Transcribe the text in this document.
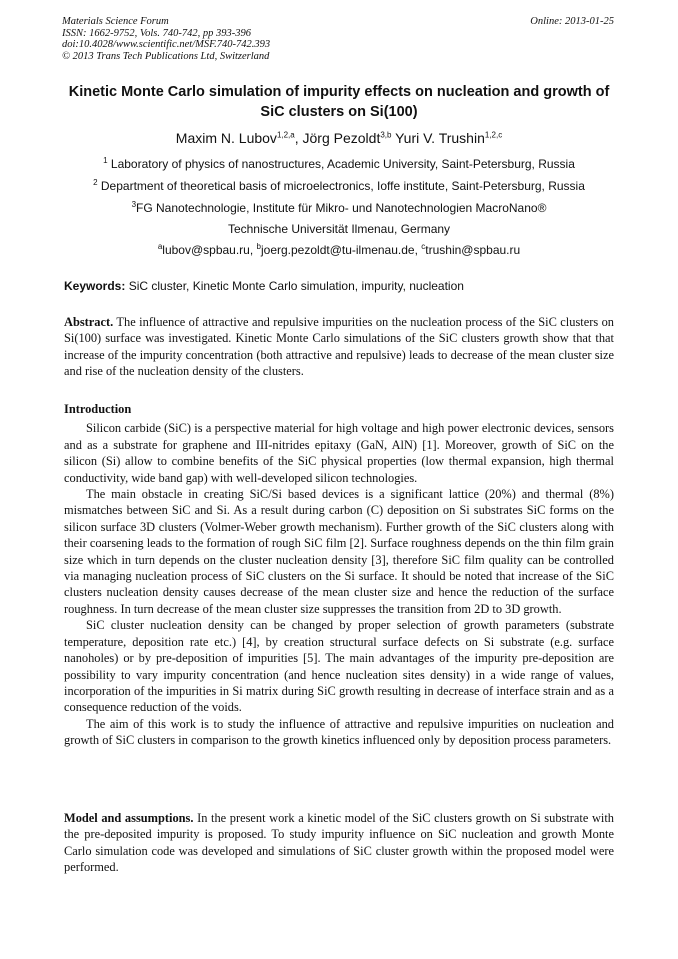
Materials Science Forum
ISSN: 1662-9752, Vols. 740-742, pp 393-396
doi:10.4028/www.scientific.net/MSF.740-742.393
© 2013 Trans Tech Publications Ltd, Switzerland
Online: 2013-01-25
Kinetic Monte Carlo simulation of impurity effects on nucleation and growth of SiC clusters on Si(100)
Maxim N. Lubov$^{1,2,a}$, Jörg Pezoldt$^{3,b}$ Yuri V. Trushin$^{1,2,c}$
$^1$ Laboratory of physics of nanostructures, Academic University, Saint-Petersburg, Russia
$^2$ Department of theoretical basis of microelectronics, Ioffe institute, Saint-Petersburg, Russia
$^3$FG Nanotechnologie, Institute für Mikro- und Nanotechnologien MacroNano®
Technische Universität Ilmenau, Germany
$^a$lubov@spbau.ru, $^b$joerg.pezoldt@tu-ilmenau.de, $^c$trushin@spbau.ru
Keywords: SiC cluster, Kinetic Monte Carlo simulation, impurity, nucleation

Abstract. The influence of attractive and repulsive impurities on the nucleation process of the SiC clusters on Si(100) surface was investigated. Kinetic Monte Carlo simulations of the SiC clusters growth show that that increase of the impurity concentration (both attractive and repulsive) leads to decrease of the mean cluster size and rise of the nucleation density of the clusters.

Introduction

Silicon carbide (SiC) is a perspective material for high voltage and high power electronic devices, sensors and as a substrate for graphene and III-nitrides epitaxy (GaN, AlN) [1]. Moreover, growth of SiC on the silicon (Si) allow to combine benefits of the SiC physical properties (low thermal expansion, high thermal conductivity, wide band gap) with well-developed silicon technologies.

The main obstacle in creating SiC/Si based devices is a significant lattice (20%) and thermal (8%) mismatches between SiC and Si. As a result during carbon (C) deposition on Si substrates SiC forms on the silicon surface 3D clusters (Volmer-Weber growth mechanism). Further growth of the SiC clusters along with their coarsening leads to the formation of rough SiC film [2]. Surface roughness depends on the thin film grain size which in turn depends on the cluster nucleation density [3], therefore SiC film quality can be controlled via managing nucleation process of SiC clusters on the Si surface. It should be noted that increase of the SiC clusters nucleation density causes decrease of the mean cluster size and hence the reduction of the surface roughness. In turn decrease of the mean cluster size suppresses the transition from 2D to 3D growth.

SiC cluster nucleation density can be changed by proper selection of growth parameters (substrate temperature, deposition rate etc.) [4], by creation structural surface defects on Si substrate (e.g. surface nanoholes) or by pre-deposition of impurities [5]. The main advantages of the impurity pre-deposition are possibility to vary impurity concentration (and hence nucleation sites density) in a wide range of values, incorporation of the impurities in Si matrix during SiC growth resulting in decrease of interface strain and as a consequence reduction of the voids.

The aim of this work is to study the influence of attractive and repulsive impurities on nucleation and growth of SiC clusters in comparison to the growth kinetics influenced only by deposition process parameters.

Model and assumptions. In the present work a kinetic model of the SiC clusters growth on Si substrate with the pre-deposited impurity is proposed. To study impurity influence on SiC nucleation and growth Monte Carlo simulation code was developed and simulations of SiC cluster growth within the proposed model were performed.
